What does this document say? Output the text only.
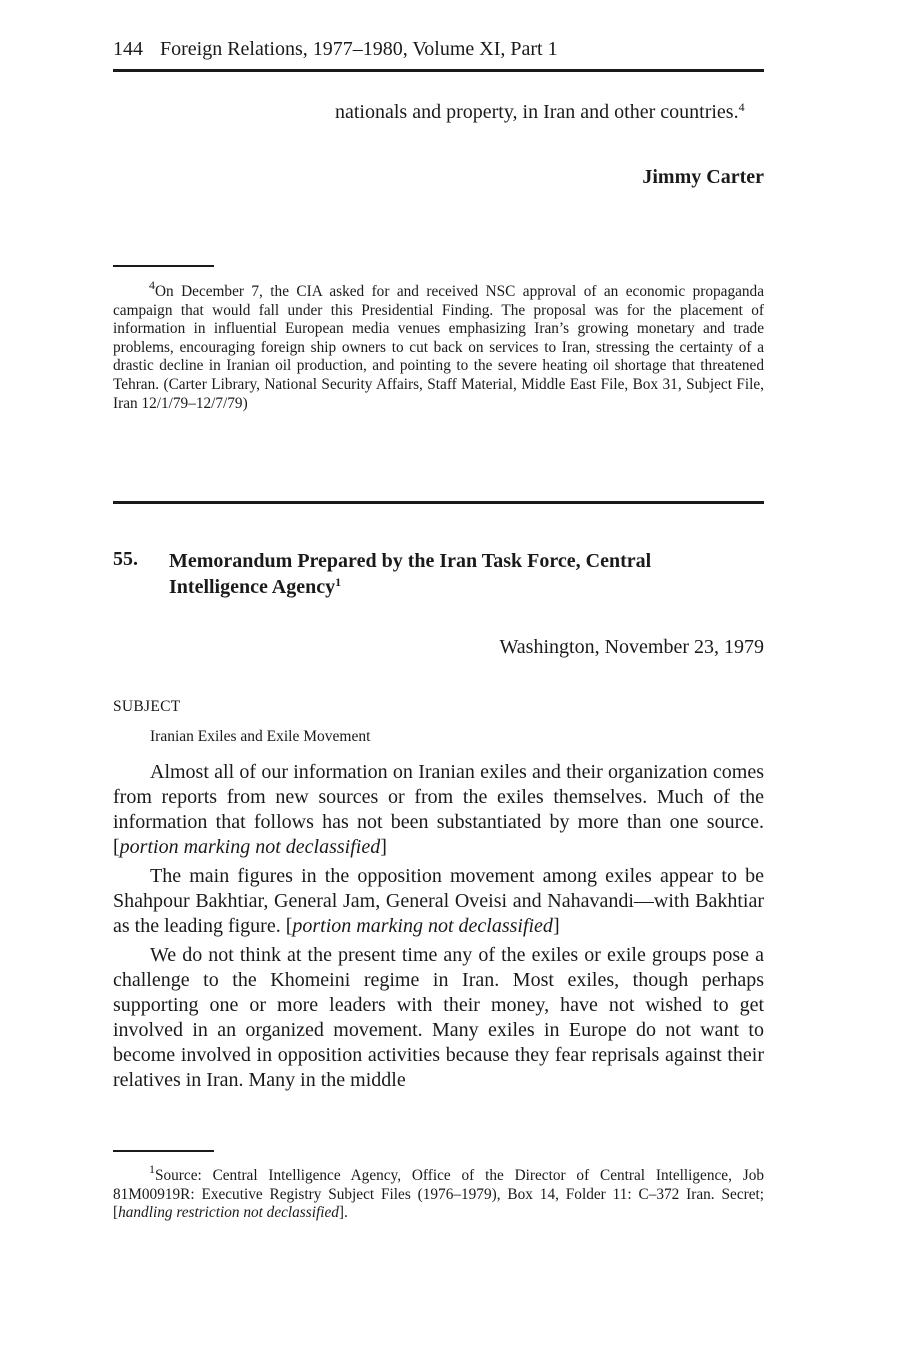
144 Foreign Relations, 1977–1980, Volume XI, Part 1
nationals and property, in Iran and other countries.$^4$
Jimmy Carter

$^4$On December 7, the CIA asked for and received NSC approval of an economic propaganda campaign that would fall under this Presidential Finding. The proposal was for the placement of information in influential European media venues emphasizing Iran’s growing monetary and trade problems, encouraging foreign ship owners to cut back on services to Iran, stressing the certainty of a drastic decline in Iranian oil production, and pointing to the severe heating oil shortage that threatened Tehran. (Carter Library, National Security Affairs, Staff Material, Middle East File, Box 31, Subject File, Iran 12/1/79–12/7/79)

55. Memorandum Prepared by the Iran Task Force, Central Intelligence Agency$^1$
Washington, November 23, 1979
SUBJECT
Iranian Exiles and Exile Movement

Almost all of our information on Iranian exiles and their organization comes from reports from new sources or from the exiles themselves. Much of the information that follows has not been substantiated by more than one source. [portion marking not declassified]

The main figures in the opposition movement among exiles appear to be Shahpour Bakhtiar, General Jam, General Oveisi and Nahavandi—with Bakhtiar as the leading figure. [portion marking not declassified]

We do not think at the present time any of the exiles or exile groups pose a challenge to the Khomeini regime in Iran. Most exiles, though perhaps supporting one or more leaders with their money, have not wished to get involved in an organized movement. Many exiles in Europe do not want to become involved in opposition activities because they fear reprisals against their relatives in Iran. Many in the middle

$^1$Source: Central Intelligence Agency, Office of the Director of Central Intelligence, Job 81M00919R: Executive Registry Subject Files (1976–1979), Box 14, Folder 11: C–372 Iran. Secret; [handling restriction not declassified].
